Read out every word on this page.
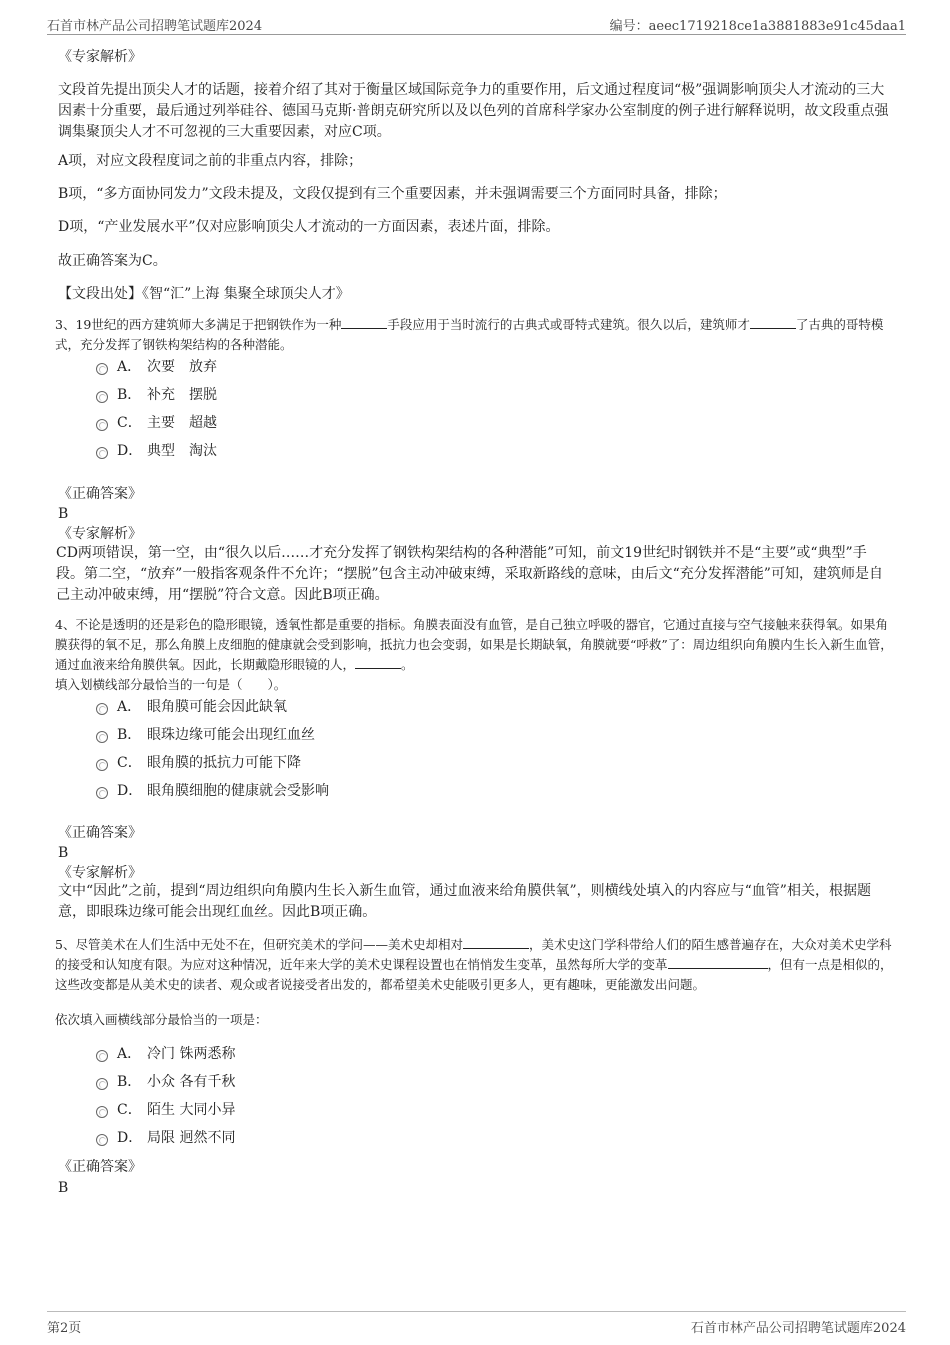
石首市林产品公司招聘笔试题库2024	编号：aeec1719218ce1a3881883e91c45daa1

《专家解析》

文段首先提出顶尖人才的话题，接着介绍了其对于衡量区域国际竞争力的重要作用，后文通过程度词“极”强调影响顶尖人才流动的三大因素十分重要，最后通过列举硅谷、德国马克斯·普朗克研究所以及以色列的首席科学家办公室制度的例子进行解释说明，故文段重点强调集聚顶尖人才不可忽视的三大重要因素，对应C项。

A项，对应文段程度词之前的非重点内容，排除；

B项，“多方面协同发力”文段未提及，文段仅提到有三个重要因素，并未强调需要三个方面同时具备，排除；

D项，“产业发展水平”仅对应影响顶尖人才流动的一方面因素，表述片面，排除。

故正确答案为C。

【文段出处】《智“汇”上海 集聚全球顶尖人才》

3、19世纪的西方建筑师大多满足于把钢铁作为一种	手段应用于当时流行的古典式或哥特式建筑。很久以后，建筑师才	了古典的哥特模式，充分发挥了钢铁构架结构的各种潜能。

A． 次要　放弃
B． 补充　摆脱
C． 主要　超越
D． 典型　淘汰

《正确答案》

B

《专家解析》

CD两项错误，第一空，由“很久以后……才充分发挥了钢铁构架结构的各种潜能”可知，前文19世纪时钢铁并不是“主要”或“典型”手段。第二空，“放弃”一般指客观条件不允许；“摆脱”包含主动冲破束缚，采取新路线的意味，由后文“充分发挥潜能”可知，建筑师是自己主动冲破束缚，用“摆脱”符合文意。因此B项正确。

4、不论是透明的还是彩色的隐形眼镜，透氧性都是重要的指标。角膜表面没有血管，是自己独立呼吸的器官，它通过直接与空气接触来获得氧。如果角膜获得的氧不足，那么角膜上皮细胞的健康就会受到影响，抵抗力也会变弱，如果是长期缺氧，角膜就要“呼救”了：周边组织向角膜内生长入新生血管，通过血液来给角膜供氧。因此，长期戴隐形眼镜的人，	。

填入划横线部分最恰当的一句是（　　）。

A． 眼角膜可能会因此缺氧
B． 眼珠边缘可能会出现红血丝
C． 眼角膜的抵抗力可能下降
D． 眼角膜细胞的健康就会受影响

《正确答案》

B

《专家解析》

文中“因此”之前，提到“周边组织向角膜内生长入新生血管，通过血液来给角膜供氧”，则横线处填入的内容应与“血管”相关，根据题意，即眼珠边缘可能会出现红血丝。因此B项正确。

5、尽管美术在人们生活中无处不在，但研究美术的学问——美术史却相对	，美术史这门学科带给人们的陌生感普遍存在，大众对美术史学科的接受和认知度有限。为应对这种情况，近年来大学的美术史课程设置也在悄悄发生变革，虽然每所大学的变革	，但有一点是相似的，这些改变都是从美术史的读者、观众或者说接受者出发的，都希望美术史能吸引更多人，更有趣味，更能激发出问题。

依次填入画横线部分最恰当的一项是：

A． 冷门 铢两悉称
B． 小众 各有千秋
C． 陌生 大同小异
D． 局限 迥然不同

《正确答案》

B

第2页	石首市林产品公司招聘笔试题库2024
